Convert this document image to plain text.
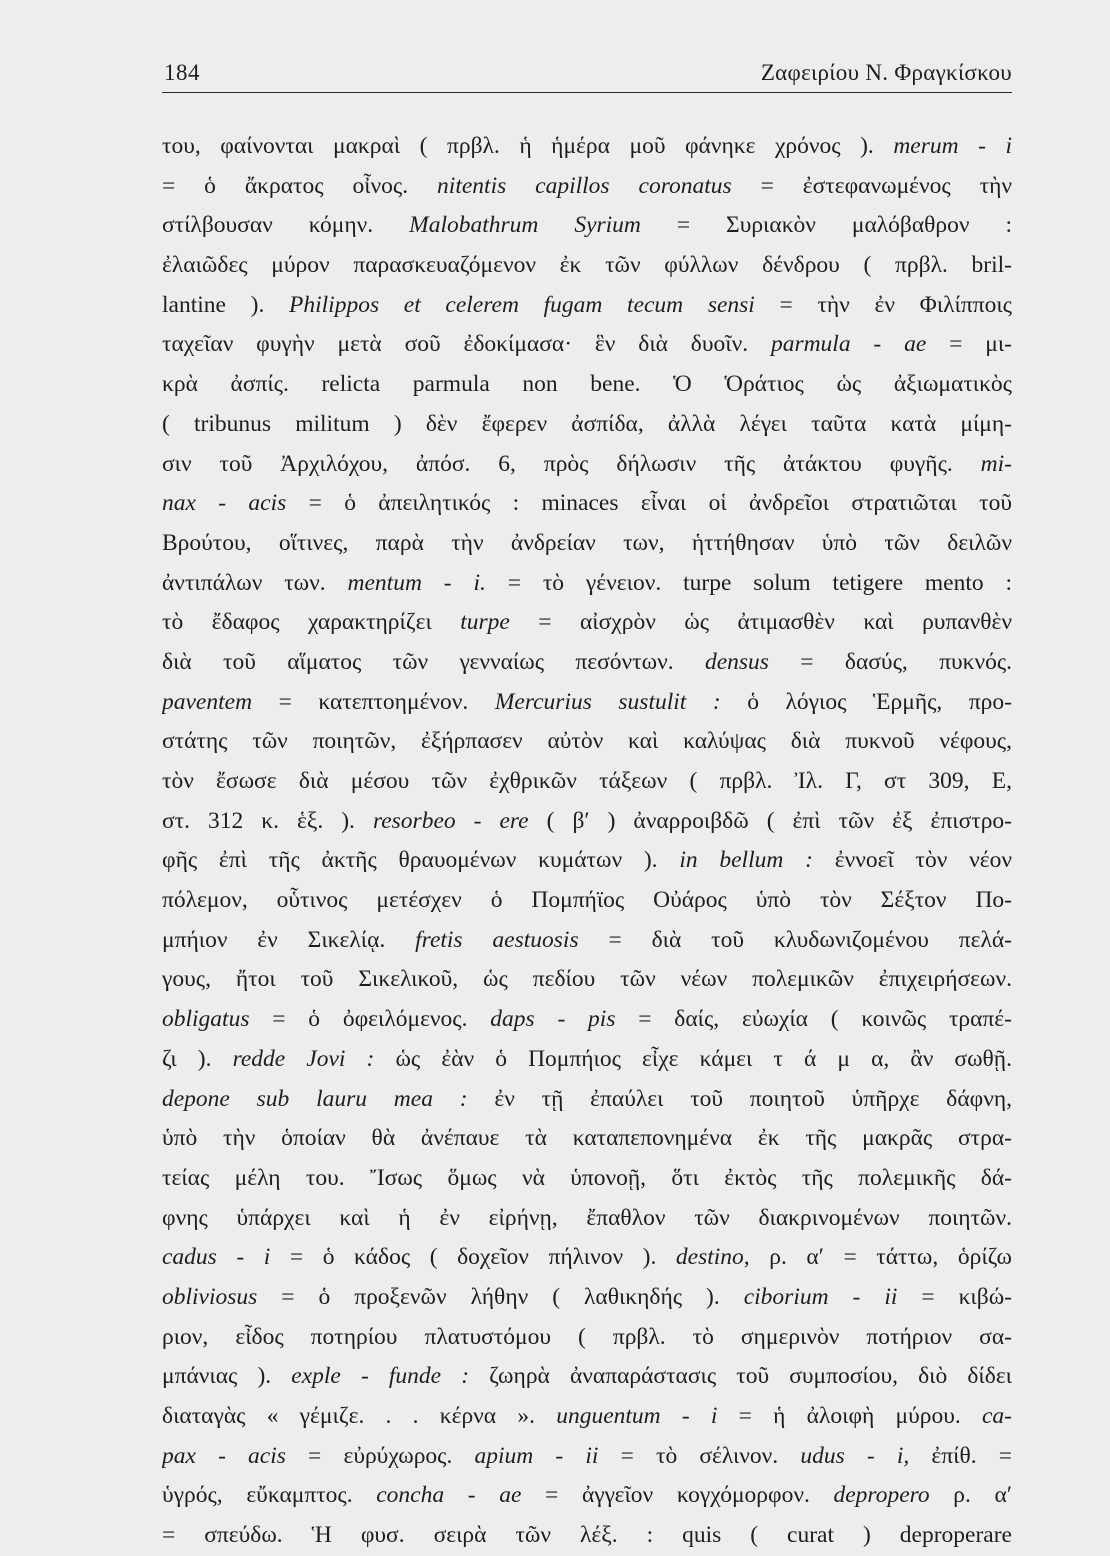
184	Ζαφειρίου Ν. Φραγκίσκου
του, φαίνονται μακραὶ ( πρβλ. ἡ ἡμέρα μοῦ φάνηκε χρόνος ). merum - i
= ὁ ἄκρατος οἶνος. nitentis capillos coronatus = ἐστεφανωμένος τὴν
στίλβουσαν κόμην. Malobathrum Syrium = Συριακὸν μαλόβαθρον :
ἐλαιῶδες μύρον παρασκευαζόμενον ἐκ τῶν φύλλων δένδρου ( πρβλ. bril-
lantine ). Philippos et celerem fugam tecum sensi = τὴν ἐν Φιλίπποις
ταχεῖαν φυγὴν μετὰ σοῦ ἐδοκίμασα· ἓν διὰ δυοῖν. parmula - ae = μι-
κρὰ ἀσπίς. relicta parmula non bene. Ὁ Ὁράτιος ὡς ἀξιωματικὸς
( tribunus militum ) δὲν ἔφερεν ἀσπίδα, ἀλλὰ λέγει ταῦτα κατὰ μίμη-
σιν τοῦ Ἀρχιλόχου, ἀπόσ. 6, πρὸς δήλωσιν τῆς ἀτάκτου φυγῆς. mi-
nax - acis = ὁ ἀπειλητικός : minaces εἶναι οἱ ἀνδρεῖοι στρατιῶται τοῦ
Βρούτου, οἵτινες, παρὰ τὴν ἀνδρείαν των, ἡττήθησαν ὑπὸ τῶν δειλῶν
ἀντιπάλων των. mentum - i. = τὸ γένειον. turpe solum tetigere mento :
τὸ ἔδαφος χαρακτηρίζει turpe = αἰσχρὸν ὡς ἀτιμασθὲν καὶ ρυπανθὲν
διὰ τοῦ αἵματος τῶν γενναίως πεσόντων. densus = δασύς, πυκνός.
paventem = κατεπτοημένον. Mercurius sustulit : ὁ λόγιος Ἑρμῆς, προ-
στάτης τῶν ποιητῶν, ἐξήρπασεν αὐτὸν καὶ καλύψας διὰ πυκνοῦ νέφους,
τὸν ἔσωσε διὰ μέσου τῶν ἐχθρικῶν τάξεων ( πρβλ. Ἰλ. Γ, στ 309, Ε,
στ. 312 κ. ἑξ. ). resorbeo - ere ( β′ ) ἀναρροιβδῶ ( ἐπὶ τῶν ἐξ ἐπιστρο-
φῆς ἐπὶ τῆς ἀκτῆς θραυομένων κυμάτων ). in bellum : ἐννοεῖ τὸν νέον
πόλεμον, οὗτινος μετέσχεν ὁ Πομπήϊος Οὐάρος ὑπὸ τὸν Σέξτον Πο-
μπήιον ἐν Σικελίᾳ. fretis aestuosis = διὰ τοῦ κλυδωνιζομένου πελά-
γους, ἤτοι τοῦ Σικελικοῦ, ὡς πεδίου τῶν νέων πολεμικῶν ἐπιχειρήσεων.
obligatus = ὁ ὀφειλόμενος. daps - pis = δαίς, εὐωχία ( κοινῶς τραπέ-
ζι ). redde Jovi : ὡς ἐὰν ὁ Πομπήιος εἶχε κάμει τ ά μ α, ἂν σωθῇ.
depone sub lauru mea : ἐν τῇ ἐπαύλει τοῦ ποιητοῦ ὑπῆρχε δάφνη,
ὑπὸ τὴν ὁποίαν θὰ ἀνέπαυε τὰ καταπεπονημένα ἐκ τῆς μακρᾶς στρα-
τείας μέλη του. Ἴσως ὅμως νὰ ὑπονοῇ, ὅτι ἐκτὸς τῆς πολεμικῆς δά-
φνης ὑπάρχει καὶ ἡ ἐν εἰρήνῃ, ἔπαθλον τῶν διακρινομένων ποιητῶν.
cadus - i = ὁ κάδος ( δοχεῖον πήλινον ). destino, ρ. α′ = τάττω, ὁρίζω
obliviosus = ὁ προξενῶν λήθην ( λαθικηδής ). ciborium - ii = κιβώ-
ριον, εἶδος ποτηρίου πλατυστόμου ( πρβλ. τὸ σημερινὸν ποτήριον σα-
μπάνιας ). exple - funde : ζωηρὰ ἀναπαράστασις τοῦ συμποσίου, διὸ δίδει
διαταγὰς « γέμιζε. . . κέρνα ». unguentum - i = ἡ ἀλοιφὴ μύρου. ca-
pax - acis = εὐρύχωρος. apium - ii = τὸ σέλινον. udus - i, ἐπίθ. =
ὑγρός, εὔκαμπτος. concha - ae = ἀγγεῖον κογχόμορφον. depropero ρ. α′
= σπεύδω. Ἡ φυσ. σειρὰ τῶν λέξ. : quis ( curat ) deproperare
